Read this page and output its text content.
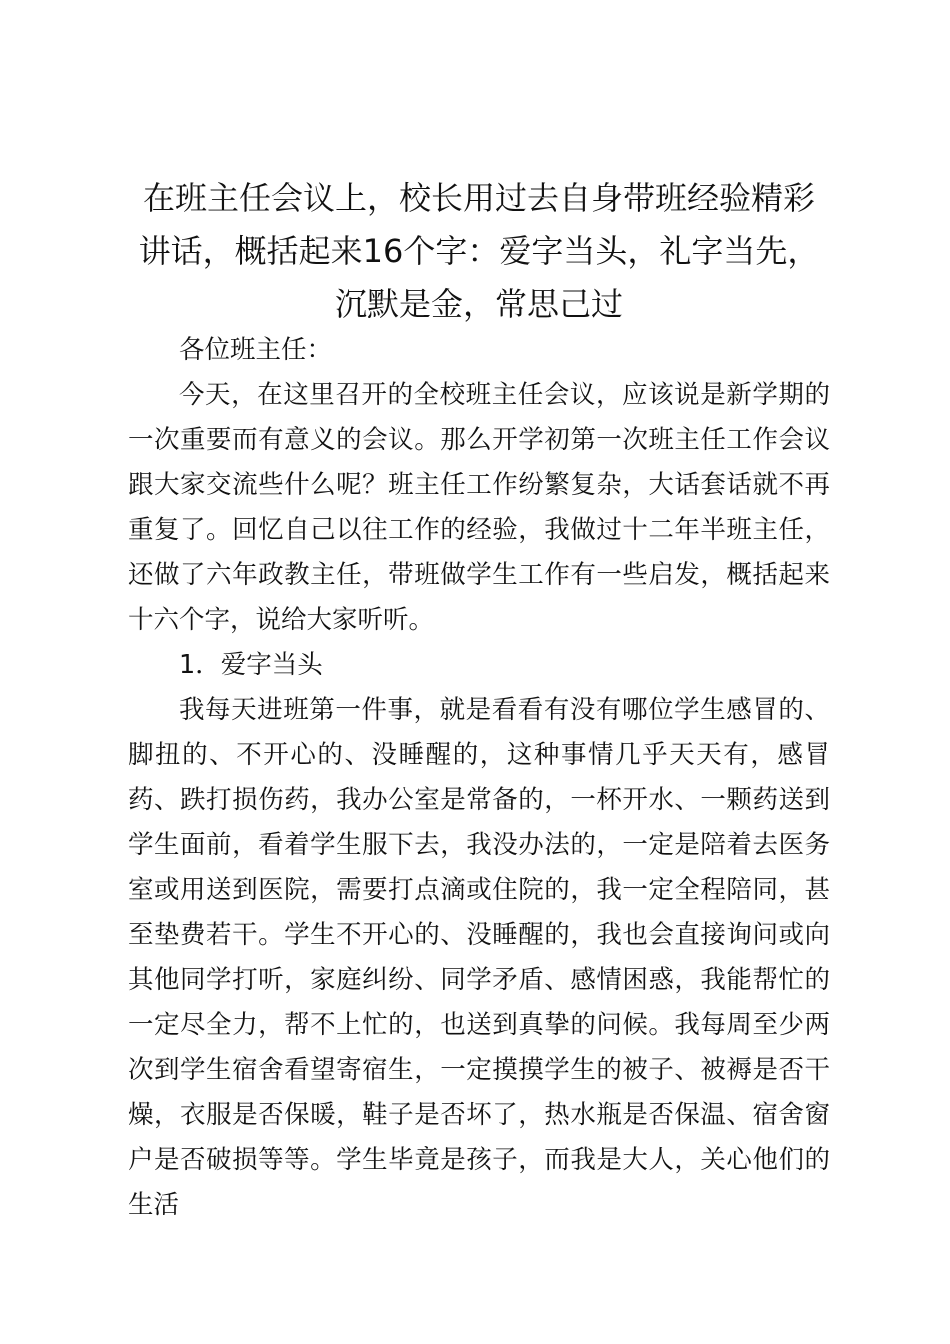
在班主任会议上，校长用过去自身带班经验精彩讲话，概括起来16个字：爱字当头，礼字当先，沉默是金，常思己过

各位班主任：

今天，在这里召开的全校班主任会议，应该说是新学期的一次重要而有意义的会议。那么开学初第一次班主任工作会议跟大家交流些什么呢？班主任工作纷繁复杂，大话套话就不再重复了。回忆自己以往工作的经验，我做过十二年半班主任，还做了六年政教主任，带班做学生工作有一些启发，概括起来十六个字，说给大家听听。

1．爱字当头

我每天进班第一件事，就是看看有没有哪位学生感冒的、脚扭的、不开心的、没睡醒的，这种事情几乎天天有，感冒药、跌打损伤药，我办公室是常备的，一杯开水、一颗药送到学生面前，看着学生服下去，我没办法的，一定是陪着去医务室或用送到医院，需要打点滴或住院的，我一定全程陪同，甚至垫费若干。学生不开心的、没睡醒的，我也会直接询问或向其他同学打听，家庭纠纷、同学矛盾、感情困惑，我能帮忙的一定尽全力，帮不上忙的，也送到真挚的问候。我每周至少两次到学生宿舍看望寄宿生，一定摸摸学生的被子、被褥是否干燥，衣服是否保暖，鞋子是否坏了，热水瓶是否保温、宿舍窗户是否破损等等。学生毕竟是孩子，而我是大人，关心他们的生活
